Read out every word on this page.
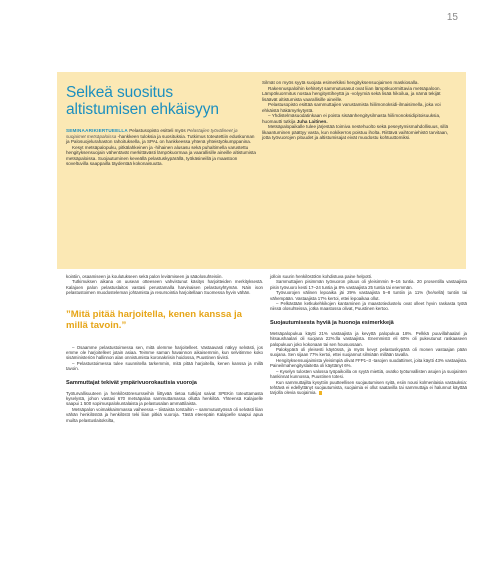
15
Selkeä suositus altistumisen ehkäisyyn

SEMINAARIKIERTUEELLA Pelastusopisto esitteli myös Pelastajien työvälineet ja suojaimet metsäpaloissa -hankkeen tuloksia ja suosituksia. Tutkimus toteutettiin eduskunnan ja Palosuojelurahaston rahoituksella, ja SPAL on hankkeessa yhtenä yhteistyökumppanina.

Kesyt metsäpalopuku, pitkälahkeinen ja -hihainen alusasu sekä puhaltimella varustettu hengityksensuojain vähentävät merkittävästi lämpökuormaa ja vaarallisille aineille altistumista metsäpaloissa. Suojautuminen keveällä pelastuskypärällä, työkäsineillä ja maastoon soveltuvilla saappailla täydentää kokonaisuutta.

Silmät on myös syytä suojata esimerkiksi hengityksensuojaimen maskiosalla.

Rakennuspaloihin kehitetyt sammutusasut ovat liian lämpökuormittavia metsäpaloon. Lämpökuormitus nostaa hengitystiheyttä ja -volyymiä sekä lisää hikoilua, ja nämä tekijät lisäävät altistumista vaarallisille aineille.

Pelastusopisto esittää sammuttajien varustamista hiilimonoksidi-ilmaisimella, joka voi ehkäistä häkämyrkytystä.

– Yhdistelmäsuodatinkaan ei poista sisäänhengitysilmasta hiilimonoksidipitoisuuksia, huomautti tutkija Juha Laitinen.

Metsäpalopaikalle tulee järjestää toimiva nestehuolto sekä peseytymismahdollisuus, sillä likaantuminen päättyy vasta, kun nokikerros poistuu iholta. Riittävä vaihtomiehistö tarvitaan, jotta työvuorojen pituudet ja altistumisajat eivät muodostu kohtuuttomiksi.

kointiin, osaamiseen ja koulutukseen sekä palon leviämiseen ja sääolosuhteisiin.

Tutkimuksen aikana on uusean otteeseen vahvistunut käsitys harjoitteiden merkityksestä. Kalajoen palon pelastuslaitos vastasi perustamalla harvinaisen pelastusyhtymän. Näin ison pelastustoimen muodosteleman johtamista ja resursointia harjoitellaan Suomessa hyvin vähän.

”Mitä pitää harjoitella, kenen kanssa ja millä tavoin.”

– Osaamme pelastustoimessa sen, mitä olemme harjoitelleet. Vastaavasti näkyy selvästi, jos emme ole harjoitelleet jotain asiaa. Teimme saman havainnon aikaisemmin, kun selvitimme koko sisäministeriön hallinnon alan onnistumista koronakriisin hoidossa, Puustinen tiivisti.

– Pelastustoimessa tulee suunnitella tarkemmin, mitä pitää harjoitella, kenen kanssa ja millä tavoin.

Sammuttajat tekivät ympärivuorokautisia vuoroja

Työturvallisuuteen ja henkilöstöresursseihin liittyvää tietoa tutkijat saivat SPEKin toteuttamasta kyselystä, johon vastasi 670 metsäpaloa sammuttamassa ollutta henkilöä. Yhteensä Kalajoelle saapui 1 500 sopimuspalokuntalaista ja pelastusalan ammattilaista.

Metsäpalon voimakkaimmassa vaiheessa – tiistaista torstaihin – sammutustyössä oli selvästi liian vähän henkilöstöä ja henkilöstö teki liian pitkiä vuoroja. Tästä eteenpäin Kalajoelle saapui apua muilta pelastuslaitoksilta,

jolloin suurin henkilöstölön kohdistuva paine helpotti.

Sammuttajien pisimmän työvuoron pituus oli yleisimmin 9–16 tuntia. 20 prosentilla vastaajista pisin työvuoro kesti 17–24 tuntia ja 8% vastaajista 25 tuntia tai enemmän.

Työvuorojen välinen lepoaika jäi 29% vastaajista 5–8 tuntiin ja 11% (he/sellä) tuntiin tai vähempään. Vastaajista 17% kertoi, ettei lepoaikaa ollut.

– Pelkästään ketkukehkikojen kantaminen ja maastotiedustelu ovat olleet hyvin raskasta työtä niissä olosuhteissa, jotka maastossa olivat, Puustinen kertoo.

Suojautumisesta hyviä ja huonoja esimerkkejä

Metsäpalopukua käytti 21% vastaajista ja kevyttä palopukua 18%. Pelkkä puuvillahaalari ja hitsaushaalari oli suojana 22%:lla vastaajista. Enemmistö eli 60% oli pukeutunut raskaaseen palopukuun joko kokonaan tai sen housuosaan.

Palokypärä oli yleisesti käytössä, ja myös kevyt pelastuskypärä oli monen vastaajan pään suojana. Sen sijaan 77% kertoi, ettei suojannut silmiään millään tavalla.

Hengityksensuojaimista yleisimpiä olivat FFP1–3 -tasojen suodattimet, joita käytti 43% vastaajista. Paineilmahengityslaitetta oli käyttänyt 6%.

– Kyselyn tulosten valossa työpaikoilla on syytä miettiä, ovatko työturvallisten asujen ja suojainten hankinnat kunnossa, Puustinen totesi.

Kun sammuttajilta kysyttiin puutteellisen suojautumisen syitä, esiin nousi kolmenlaisia vastauksia: tehtävä ei edellyttänyt suojautumista, suojaimia ei ollut saatavilla tai sammuttaja ei halunnut käyttää tarjolla olevia suojaimia.
